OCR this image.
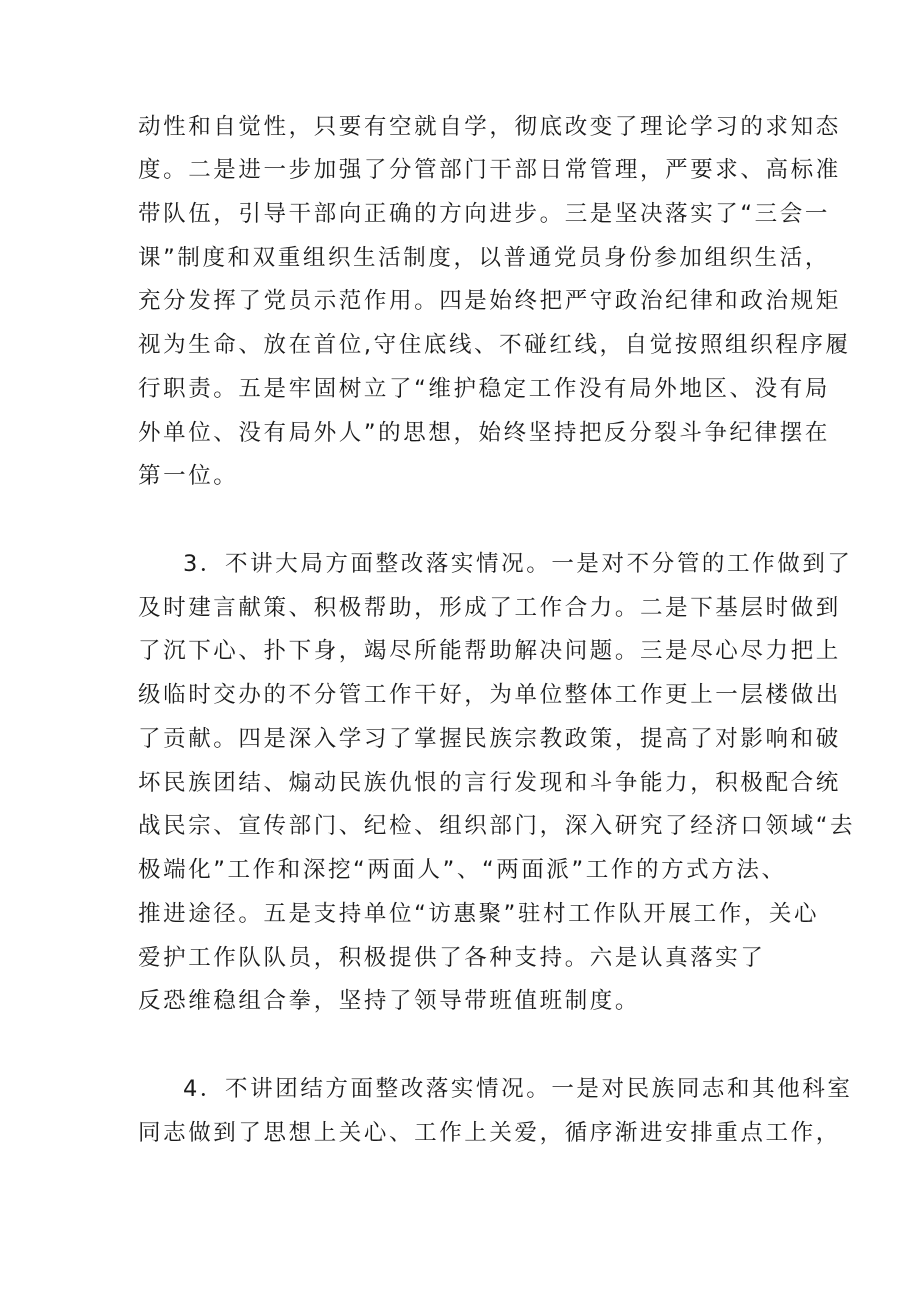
动性和自觉性，只要有空就自学，彻底改变了理论学习的求知态
度。二是进一步加强了分管部门干部日常管理，严要求、高标准
带队伍，引导干部向正确的方向进步。三是坚决落实了“三会一
课”制度和双重组织生活制度，以普通党员身份参加组织生活，
充分发挥了党员示范作用。四是始终把严守政治纪律和政治规矩
视为生命、放在首位,守住底线、不碰红线，自觉按照组织程序履
行职责。五是牢固树立了“维护稳定工作没有局外地区、没有局
外单位、没有局外人”的思想，始终坚持把反分裂斗争纪律摆在
第一位。
3．不讲大局方面整改落实情况。一是对不分管的工作做到了
及时建言献策、积极帮助，形成了工作合力。二是下基层时做到
了沉下心、扑下身，竭尽所能帮助解决问题。三是尽心尽力把上
级临时交办的不分管工作干好，为单位整体工作更上一层楼做出
了贡献。四是深入学习了掌握民族宗教政策，提高了对影响和破
坏民族团结、煽动民族仇恨的言行发现和斗争能力，积极配合统
战民宗、宣传部门、纪检、组织部门，深入研究了经济口领域“去
极端化”工作和深挖“两面人”、“两面派”工作的方式方法、
推进途径。五是支持单位“访惠聚”驻村工作队开展工作，关心
爱护工作队队员，积极提供了各种支持。六是认真落实了
反恐维稳组合拳，坚持了领导带班值班制度。
4．不讲团结方面整改落实情况。一是对民族同志和其他科室
同志做到了思想上关心、工作上关爱，循序渐进安排重点工作，
